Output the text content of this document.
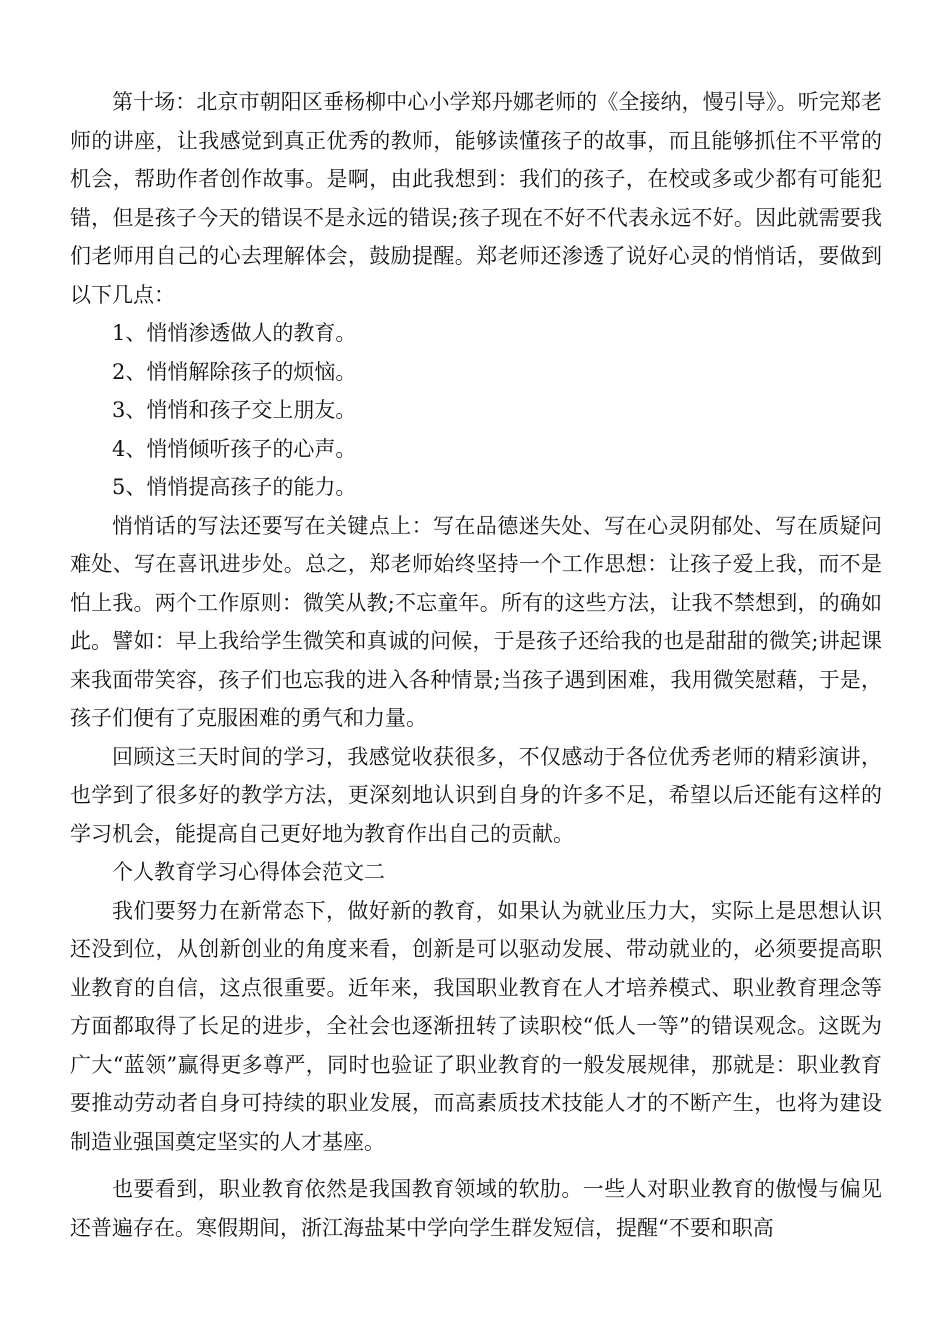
第十场：北京市朝阳区垂杨柳中心小学郑丹娜老师的《全接纳，慢引导》。听完郑老师的讲座，让我感觉到真正优秀的教师，能够读懂孩子的故事，而且能够抓住不平常的机会，帮助作者创作故事。是啊，由此我想到：我们的孩子，在校或多或少都有可能犯错，但是孩子今天的错误不是永远的错误;孩子现在不好不代表永远不好。因此就需要我们老师用自己的心去理解体会，鼓励提醒。郑老师还渗透了说好心灵的悄悄话，要做到以下几点：

1、悄悄渗透做人的教育。

2、悄悄解除孩子的烦恼。

3、悄悄和孩子交上朋友。

4、悄悄倾听孩子的心声。

5、悄悄提高孩子的能力。

悄悄话的写法还要写在关键点上：写在品德迷失处、写在心灵阴郁处、写在质疑问难处、写在喜讯进步处。总之，郑老师始终坚持一个工作思想：让孩子爱上我，而不是怕上我。两个工作原则：微笑从教;不忘童年。所有的这些方法，让我不禁想到，的确如此。譬如：早上我给学生微笑和真诚的问候，于是孩子还给我的也是甜甜的微笑;讲起课来我面带笑容，孩子们也忘我的进入各种情景;当孩子遇到困难，我用微笑慰藉，于是，孩子们便有了克服困难的勇气和力量。

回顾这三天时间的学习，我感觉收获很多，不仅感动于各位优秀老师的精彩演讲，也学到了很多好的教学方法，更深刻地认识到自身的许多不足，希望以后还能有这样的学习机会，能提高自己更好地为教育作出自己的贡献。

个人教育学习心得体会范文二

我们要努力在新常态下，做好新的教育，如果认为就业压力大，实际上是思想认识还没到位，从创新创业的角度来看，创新是可以驱动发展、带动就业的，必须要提高职业教育的自信，这点很重要。近年来，我国职业教育在人才培养模式、职业教育理念等方面都取得了长足的进步，全社会也逐渐扭转了读职校“低人一等”的错误观念。这既为广大“蓝领”赢得更多尊严，同时也验证了职业教育的一般发展规律，那就是：职业教育要推动劳动者自身可持续的职业发展，而高素质技术技能人才的不断产生，也将为建设制造业强国奠定坚实的人才基座。

也要看到，职业教育依然是我国教育领域的软肋。一些人对职业教育的傲慢与偏见还普遍存在。寒假期间，浙江海盐某中学向学生群发短信，提醒“不要和职高
